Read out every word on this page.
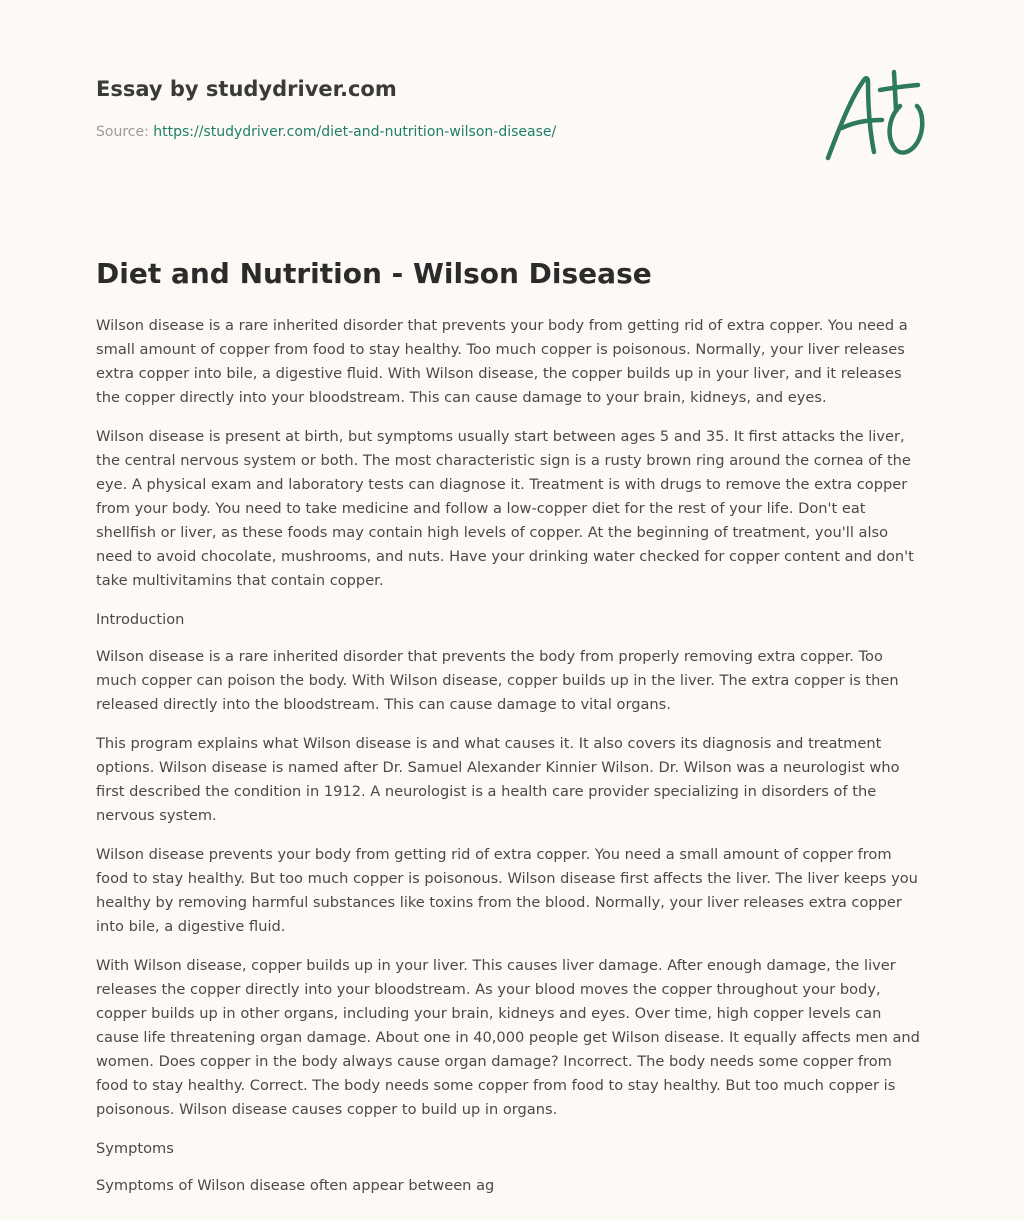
Essay by studydriver.com
Source: https://studydriver.com/diet-and-nutrition-wilson-disease/
Diet and Nutrition - Wilson Disease

Wilson disease is a rare inherited disorder that prevents your body from getting rid of extra copper. You need a small amount of copper from food to stay healthy. Too much copper is poisonous. Normally, your liver releases extra copper into bile, a digestive fluid. With Wilson disease, the copper builds up in your liver, and it releases the copper directly into your bloodstream. This can cause damage to your brain, kidneys, and eyes.

Wilson disease is present at birth, but symptoms usually start between ages 5 and 35. It first attacks the liver, the central nervous system or both. The most characteristic sign is a rusty brown ring around the cornea of the eye. A physical exam and laboratory tests can diagnose it. Treatment is with drugs to remove the extra copper from your body. You need to take medicine and follow a low-copper diet for the rest of your life. Don't eat shellfish or liver, as these foods may contain high levels of copper. At the beginning of treatment, you'll also need to avoid chocolate, mushrooms, and nuts. Have your drinking water checked for copper content and don't take multivitamins that contain copper.

Introduction

Wilson disease is a rare inherited disorder that prevents the body from properly removing extra copper. Too much copper can poison the body. With Wilson disease, copper builds up in the liver. The extra copper is then released directly into the bloodstream. This can cause damage to vital organs.

This program explains what Wilson disease is and what causes it. It also covers its diagnosis and treatment options. Wilson disease is named after Dr. Samuel Alexander Kinnier Wilson. Dr. Wilson was a neurologist who first described the condition in 1912. A neurologist is a health care provider specializing in disorders of the nervous system.

Wilson disease prevents your body from getting rid of extra copper. You need a small amount of copper from food to stay healthy. But too much copper is poisonous. Wilson disease first affects the liver. The liver keeps you healthy by removing harmful substances like toxins from the blood. Normally, your liver releases extra copper into bile, a digestive fluid.

With Wilson disease, copper builds up in your liver. This causes liver damage. After enough damage, the liver releases the copper directly into your bloodstream. As your blood moves the copper throughout your body, copper builds up in other organs, including your brain, kidneys and eyes. Over time, high copper levels can cause life threatening organ damage. About one in 40,000 people get Wilson disease. It equally affects men and women. Does copper in the body always cause organ damage? Incorrect. The body needs some copper from food to stay healthy. Correct. The body needs some copper from food to stay healthy. But too much copper is poisonous. Wilson disease causes copper to build up in organs.

Symptoms

Symptoms of Wilson disease often appear between ag
